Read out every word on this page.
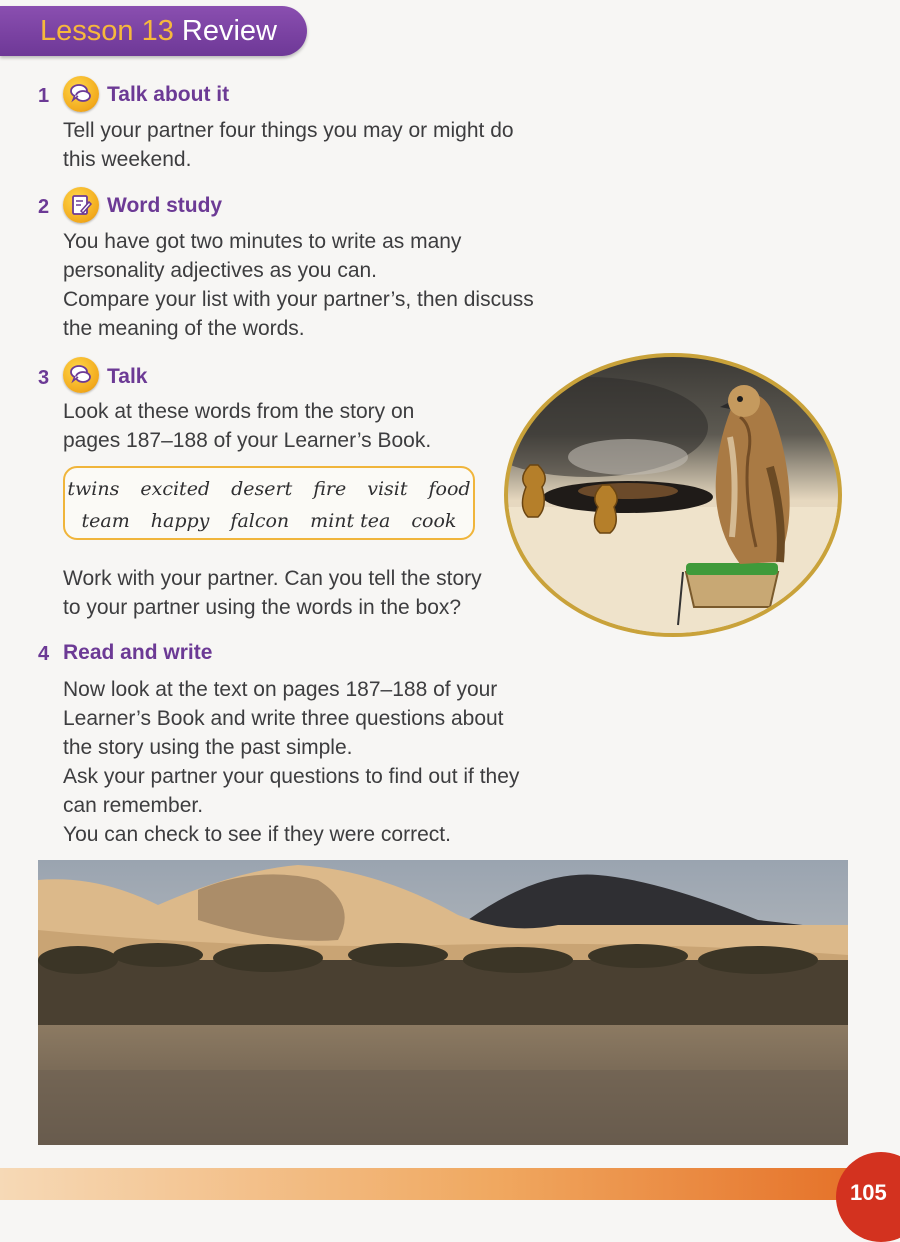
Lesson 13 Review
1	Talk about it
Tell your partner four things you may or might do
this weekend.
2	Word study
You have got two minutes to write as many
personality adjectives as you can.
Compare your list with your partner’s, then discuss
the meaning of the words.
3	Talk
Look at these words from the story on
pages 187–188 of your Learner’s Book.
twins excited desert fire visit food
team happy falcon mint tea cook
Work with your partner. Can you tell the story
to your partner using the words in the box?
4 Read and write
Now look at the text on pages 187–188 of your
Learner’s Book and write three questions about
the story using the past simple.
Ask your partner your questions to find out if they
can remember.
You can check to see if they were correct.
105
